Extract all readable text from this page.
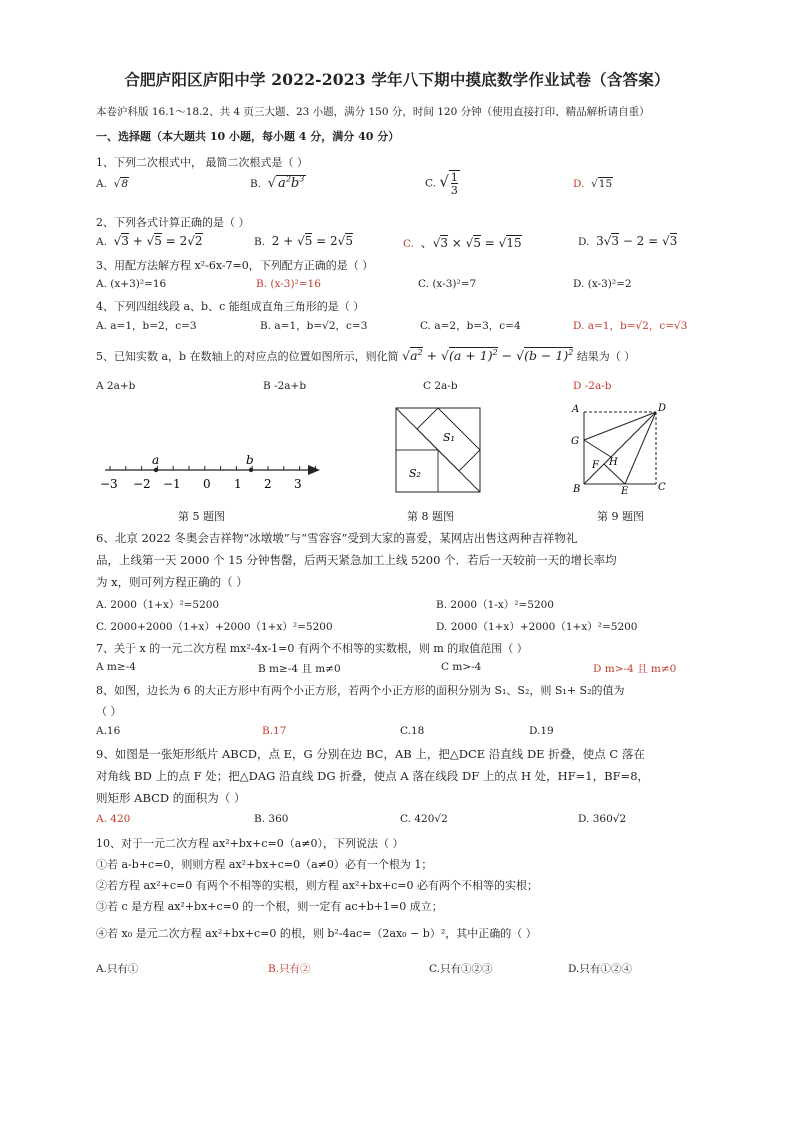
合肥庐阳区庐阳中学 2022-2023 学年八下期中摸底数学作业试卷（含答案）
本卷沪科版 16.1～18.2、共 4 页三大题、23 小题，满分 150 分，时间 120 分钟（使用直接打印、精品解析请自重）
一、选择题（本大题共 10 小题，每小题 4 分，满分 40 分）
1、下列二次根式中， 最简二次根式是（ ）
A. √8	B. √ $a^2b^3$	C. √ 1
3	D. √15
2、下列各式计算正确的是（ ）
A. √3 + √5 = 2√2	B. 2 + √5 = 2√5	C. 、√3 × √5 = √15	D. 3√3 − 2 = √3
3、用配方法解方程 x²-6x-7=0，下列配方正确的是（ ）
A. (x+3)²=16	B. (x-3)²=16	C. (x-3)²=7	D. (x-3)²=2
4、下列四组线段 a、b、c 能组成直角三角形的是（ ）
A. a=1，b=2，c=3	B. a=1，b=√2，c=3	C. a=2，b=3，c=4	D. a=1，b=√2，c=√3
5、已知实数 a，b 在数轴上的对应点的位置如图所示，则化简 $√a^2 + √(a + 1)^2 - √(b - 1)^2$ 结果为（ ）
A 2a+b	B -2a+b	C 2a-b	D -2a-b
a	b
−3 −2 −1 0 1 2 3
第 5 题图
S₁
S₂
第 8 题图
A	D
G
F H
B	E	C
第 9 题图
6、北京 2022 冬奥会吉祥物“冰墩墩”与“雪容容”受到大家的喜爱，某网店出售这两种吉祥物礼
品，上线第一天 2000 个 15 分钟售罄，后两天紧急加工上线 5200 个．若后一天较前一天的增长率均
为 x，则可列方程正确的（ ）
A. 2000（1+x）²=5200	B. 2000（1-x）²=5200
C. 2000+2000（1+x）+2000（1+x）²=5200	D. 2000（1+x）+2000（1+x）²=5200
7、关于 x 的一元二次方程 mx²-4x-1=0 有两个不相等的实数根，则 m 的取值范围（ ）
A m≥-4	B m≥-4 且 m≠0	C m>-4	D m>-4 且 m≠0
8、如图，边长为 6 的大正方形中有两个小正方形，若两个小正方形的面积分别为 S₁、S₂，则 S₁+ S₂的值为
（ ）
A.16	B.17	C.18	D.19
9、如图是一张矩形纸片 ABCD，点 E，G 分别在边 BC，AB 上，把△DCE 沿直线 DE 折叠，使点 C 落在
对角线 BD 上的点 F 处；把△DAG 沿直线 DG 折叠，使点 A 落在线段 DF 上的点 H 处，HF=1，BF=8，
则矩形 ABCD 的面积为（ ）
A. 420	B. 360	C. 420√2	D. 360√2
10、对于一元二次方程 ax²+bx+c=0（a≠0），下列说法（ ）
①若 a-b+c=0，则则方程 ax²+bx+c=0（a≠0）必有一个根为 1；
②若方程 ax²+c=0 有两个不相等的实根，则方程 ax²+bx+c=0 必有两个不相等的实根；
③若 c 是方程 ax²+bx+c=0 的一个根，则一定有 ac+b+1=0 成立；
④若 x₀ 是元二次方程 ax²+bx+c=0 的根，则 b²-4ac=（2ax₀ − b）²，其中正确的（ ）
A.只有①	B.只有②	C.只有①②③	D.只有①②④
